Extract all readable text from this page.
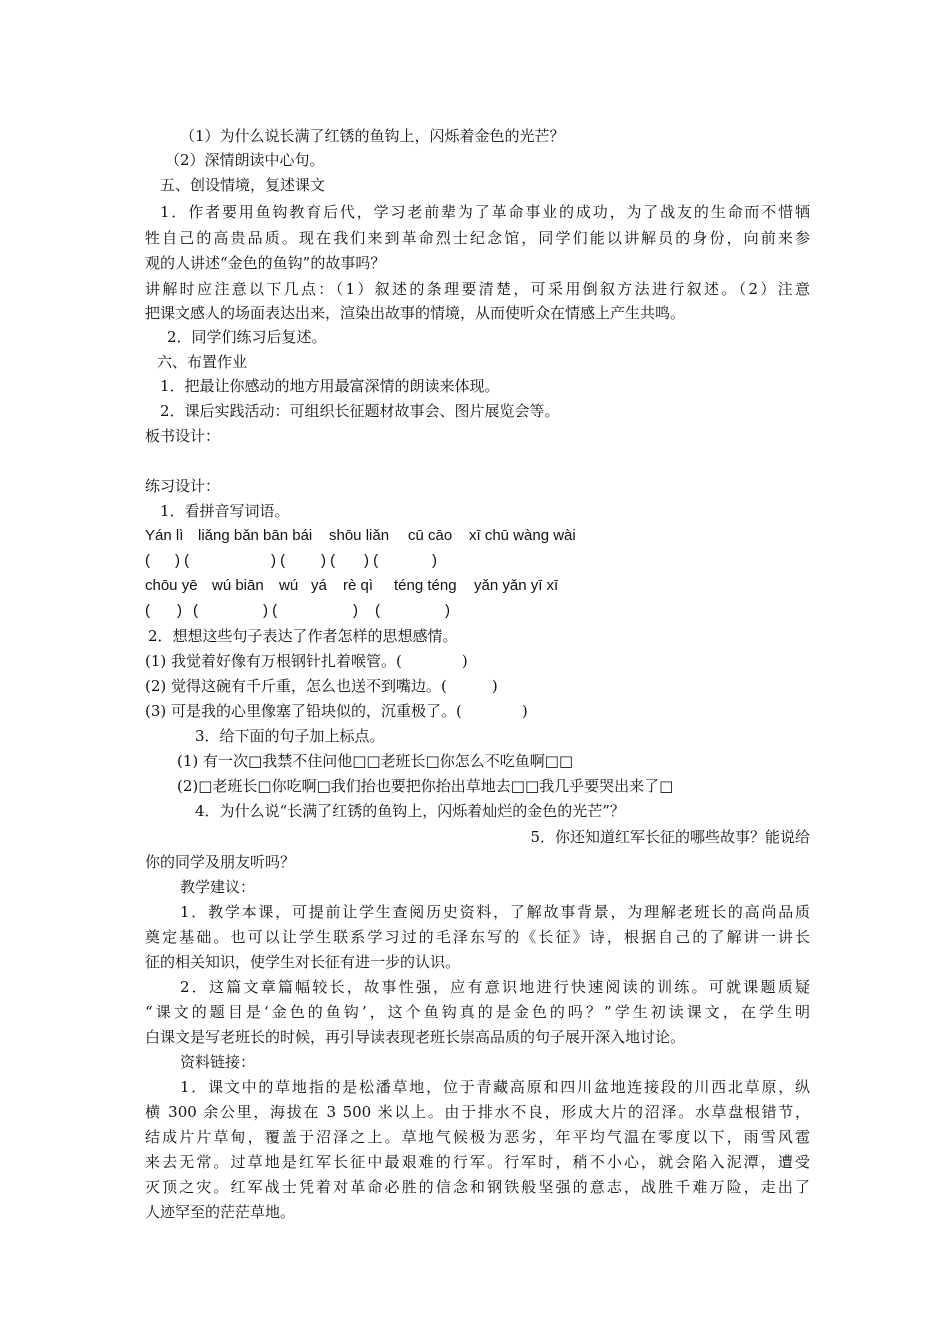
（1）为什么说长满了红锈的鱼钩上，闪烁着金色的光芒？
（2）深情朗读中心句。
五、创设情境，复述课文
1．作者要用鱼钩教育后代，学习老前辈为了革命事业的成功，为了战友的生命而不惜牺
牲自己的高贵品质。现在我们来到革命烈士纪念馆，同学们能以讲解员的身份，向前来参
观的人讲述“金色的鱼钩”的故事吗？
讲解时应注意以下几点：（1）叙述的条理要清楚，可采用倒叙方法进行叙述。（2）注意
把课文感人的场面表达出来，渲染出故事的情境，从而使听众在情感上产生共鸣。
2．同学们练习后复述。
六、布置作业
1．把最让你感动的地方用最富深情的朗读来体现。
2．课后实践活动：可组织长征题材故事会、图片展览会等。
板书设计：
练习设计：
1．看拼音写词语。
Yán lì liǎng bǎn bān bái shōu liǎn cū cāo xī chū wàng wài
( ) (	) ( ) ( ) (	)
chōu yē wú biān wú yá rè qì téng téng yǎn yǎn yī xī
( ) (	) (	) (	)
2．想想这些句子表达了作者怎样的思想感情。
(1) 我觉着好像有万根钢针扎着喉管。(　　　　)
(2) 觉得这碗有千斤重，怎么也送不到嘴边。(　　　)
(3) 可是我的心里像塞了铅块似的，沉重极了。(　　　　)
3．给下面的句子加上标点。
(1) 有一次□我禁不住问他□□老班长□你怎么不吃鱼啊□□
(2)□老班长□你吃啊□我们抬也要把你抬出草地去□□我几乎要哭出来了□
4．为什么说“长满了红锈的鱼钩上，闪烁着灿烂的金色的光芒”？
5．你还知道红军长征的哪些故事？能说给
你的同学及朋友听吗？
教学建议：
1．教学本课，可提前让学生查阅历史资料，了解故事背景，为理解老班长的高尚品质
奠定基础。也可以让学生联系学习过的毛泽东写的《长征》诗，根据自己的了解讲一讲长
征的相关知识，使学生对长征有进一步的认识。
2．这篇文章篇幅较长，故事性强，应有意识地进行快速阅读的训练。可就课题质疑
“课文的题目是‘金色的鱼钩’，这个鱼钩真的是金色的吗？”学生初读课文，在学生明
白课文是写老班长的时候，再引导读表现老班长崇高品质的句子展开深入地讨论。
资料链接：
1．课文中的草地指的是松潘草地，位于青藏高原和四川盆地连接段的川西北草原，纵
横 300 余公里，海拔在 3 500 米以上。由于排水不良，形成大片的沼泽。水草盘根错节，
结成片片草甸，覆盖于沼泽之上。草地气候极为恶劣，年平均气温在零度以下，雨雪风雹
来去无常。过草地是红军长征中最艰难的行军。行军时，稍不小心，就会陷入泥潭，遭受
灭顶之灾。红军战士凭着对革命必胜的信念和钢铁般坚强的意志，战胜千难万险，走出了
人迹罕至的茫茫草地。
